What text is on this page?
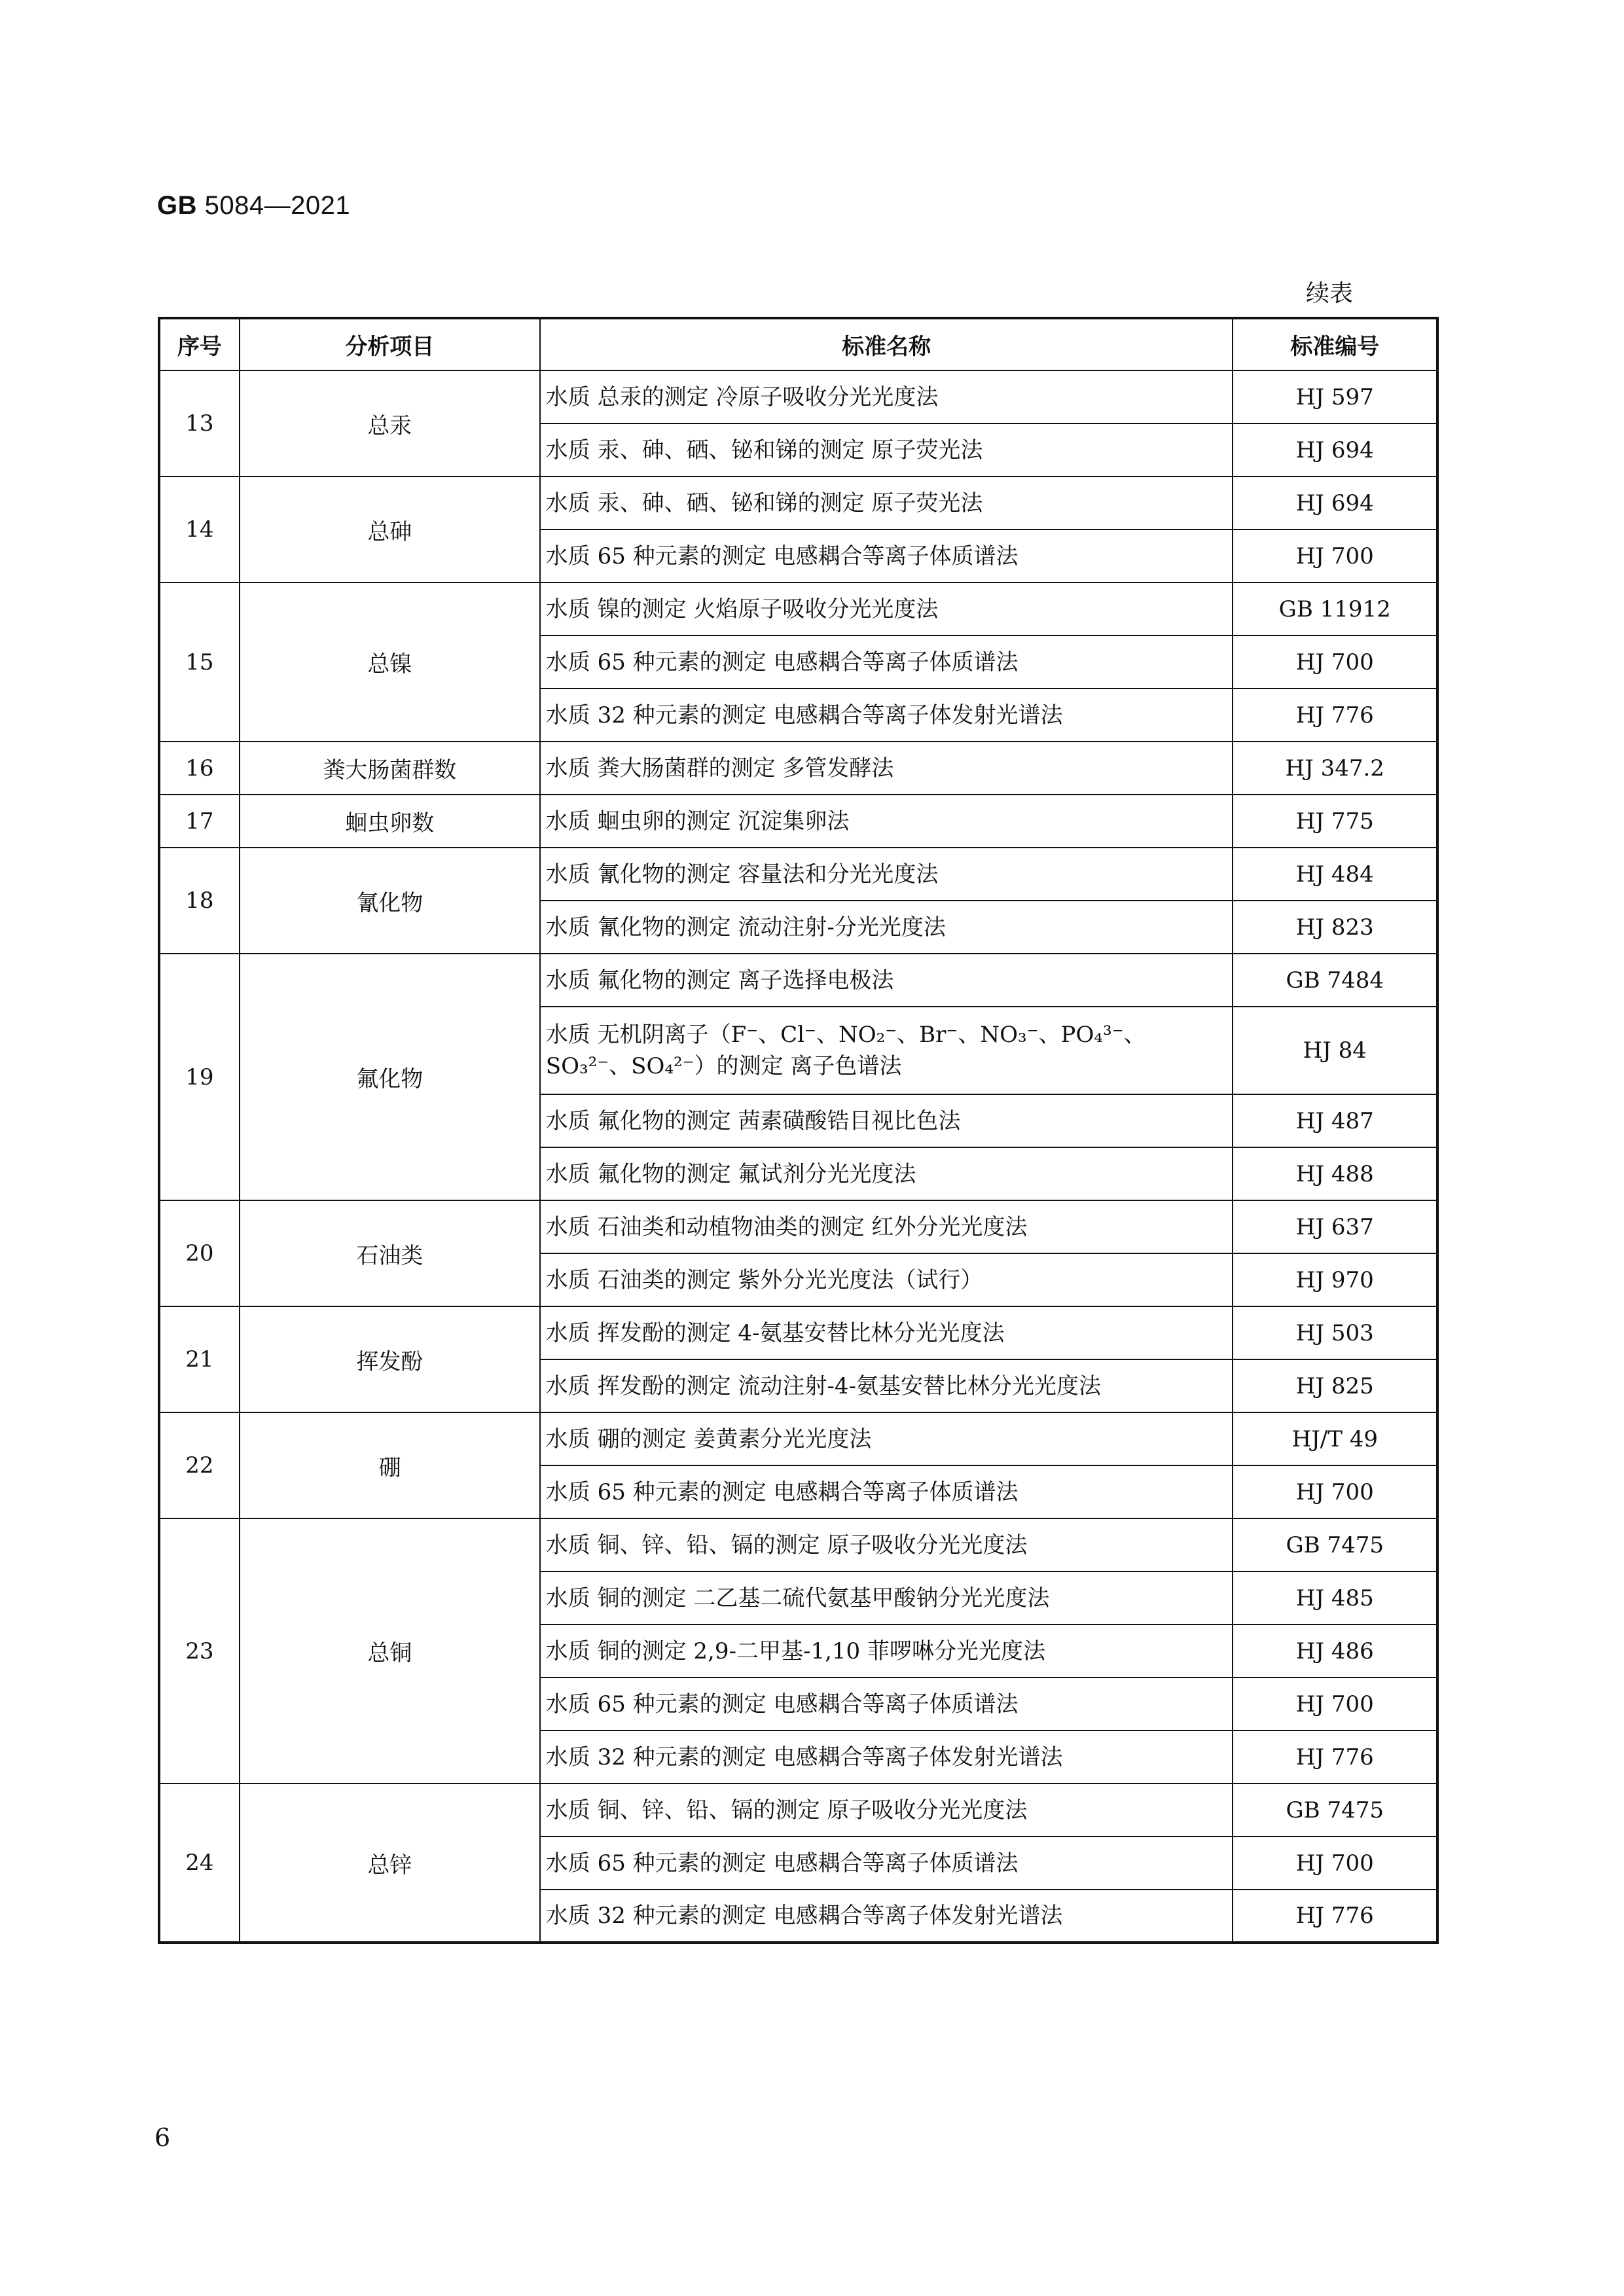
GB 5084—2021
续表
序号	分析项目	标准名称	标准编号
13	总汞	水质 总汞的测定 冷原子吸收分光光度法	HJ 597
		水质 汞、砷、硒、铋和锑的测定 原子荧光法	HJ 694
14	总砷	水质 汞、砷、硒、铋和锑的测定 原子荧光法	HJ 694
		水质 65 种元素的测定 电感耦合等离子体质谱法	HJ 700
15	总镍	水质 镍的测定 火焰原子吸收分光光度法	GB 11912
		水质 65 种元素的测定 电感耦合等离子体质谱法	HJ 700
		水质 32 种元素的测定 电感耦合等离子体发射光谱法	HJ 776
16	粪大肠菌群数	水质 粪大肠菌群的测定 多管发酵法	HJ 347.2
17	蛔虫卵数	水质 蛔虫卵的测定 沉淀集卵法	HJ 775
18	氰化物	水质 氰化物的测定 容量法和分光光度法	HJ 484
		水质 氰化物的测定 流动注射-分光光度法	HJ 823
19	氟化物	水质 氟化物的测定 离子选择电极法	GB 7484
		水质 无机阴离子（F⁻、Cl⁻、NO₂⁻、Br⁻、NO₃⁻、PO₄³⁻、SO₃²⁻、SO₄²⁻）的测定 离子色谱法	HJ 84
		水质 氟化物的测定 茜素磺酸锆目视比色法	HJ 487
		水质 氟化物的测定 氟试剂分光光度法	HJ 488
20	石油类	水质 石油类和动植物油类的测定 红外分光光度法	HJ 637
		水质 石油类的测定 紫外分光光度法（试行）	HJ 970
21	挥发酚	水质 挥发酚的测定 4-氨基安替比林分光光度法	HJ 503
		水质 挥发酚的测定 流动注射-4-氨基安替比林分光光度法	HJ 825
22	硼	水质 硼的测定 姜黄素分光光度法	HJ/T 49
		水质 65 种元素的测定 电感耦合等离子体质谱法	HJ 700
23	总铜	水质 铜、锌、铅、镉的测定 原子吸收分光光度法	GB 7475
		水质 铜的测定 二乙基二硫代氨基甲酸钠分光光度法	HJ 485
		水质 铜的测定 2,9-二甲基-1,10 菲啰啉分光光度法	HJ 486
		水质 65 种元素的测定 电感耦合等离子体质谱法	HJ 700
		水质 32 种元素的测定 电感耦合等离子体发射光谱法	HJ 776
24	总锌	水质 铜、锌、铅、镉的测定 原子吸收分光光度法	GB 7475
		水质 65 种元素的测定 电感耦合等离子体质谱法	HJ 700
		水质 32 种元素的测定 电感耦合等离子体发射光谱法	HJ 776
6
